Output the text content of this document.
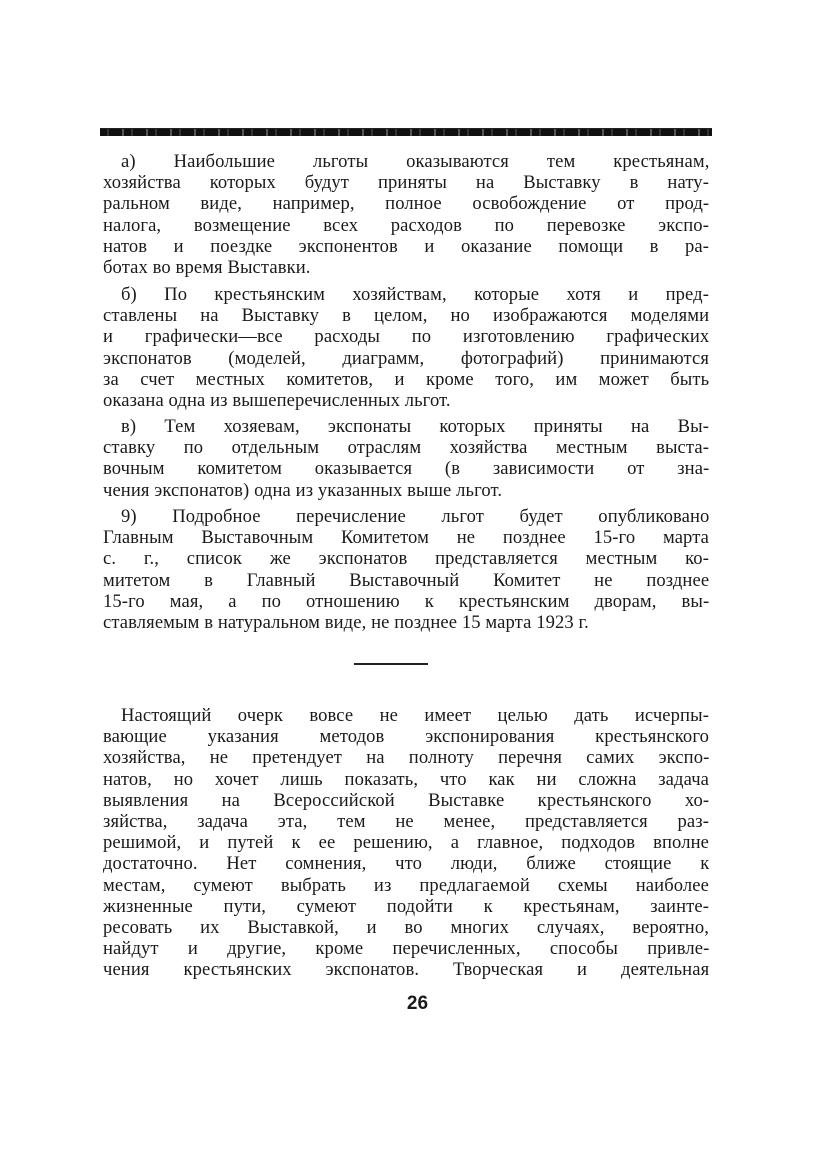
а) Наибольшие льготы оказываются тем крестьянам,
хозяйства которых будут приняты на Выставку в нату-
ральном виде, например, полное освобождение от прод-
налога, возмещение всех расходов по перевозке экспо-
натов и поездке экспонентов и оказание помощи в ра-
ботах во время Выставки.
б) По крестьянским хозяйствам, которые хотя и пред-
ставлены на Выставку в целом, но изображаются моделями
и графически—все расходы по изготовлению графических
экспонатов (моделей, диаграмм, фотографий) принимаются
за счет местных комитетов, и кроме того, им может быть
оказана одна из вышеперечисленных льгот.
в) Тем хозяевам, экспонаты которых приняты на Вы-
ставку по отдельным отраслям хозяйства местным выста-
вочным комитетом оказывается (в зависимости от зна-
чения экспонатов) одна из указанных выше льгот.
9) Подробное перечисление льгот будет опубликовано
Главным Выставочным Комитетом не позднее 15-го марта
с. г., список же экспонатов представляется местным ко-
митетом в Главный Выставочный Комитет не позднее
15-го мая, а по отношению к крестьянским дворам, вы-
ставляемым в натуральном виде, не позднее 15 марта 1923 г.
Настоящий очерк вовсе не имеет целью дать исчерпы-
вающие указания методов экспонирования крестьянского
хозяйства, не претендует на полноту перечня самих экспо-
натов, но хочет лишь показать, что как ни сложна задача
выявления на Всероссийской Выставке крестьянского хо-
зяйства, задача эта, тем не менее, представляется раз-
решимой, и путей к ее решению, а главное, подходов вполне
достаточно. Нет сомнения, что люди, ближе стоящие к
местам, сумеют выбрать из предлагаемой схемы наиболее
жизненные пути, сумеют подойти к крестьянам, заинте-
ресовать их Выставкой, и во многих случаях, вероятно,
найдут и другие, кроме перечисленных, способы привле-
чения крестьянских экспонатов. Творческая и деятельная
26
